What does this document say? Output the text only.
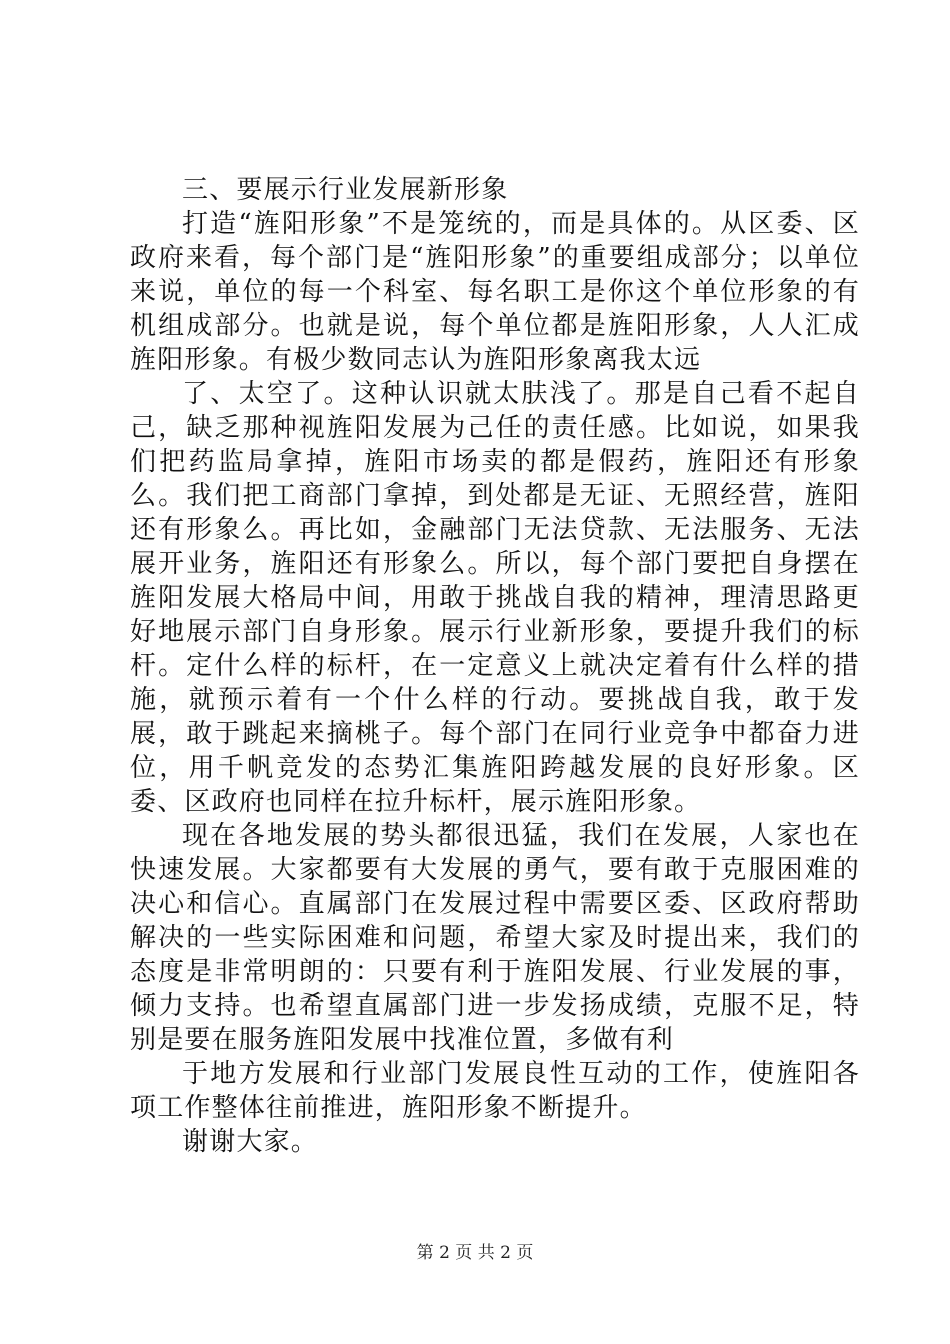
三、要展示行业发展新形象

打造“旌阳形象”不是笼统的，而是具体的。从区委、区政府来看，每个部门是“旌阳形象”的重要组成部分；以单位来说，单位的每一个科室、每名职工是你这个单位形象的有机组成部分。也就是说，每个单位都是旌阳形象，人人汇成旌阳形象。有极少数同志认为旌阳形象离我太远

了、太空了。这种认识就太肤浅了。那是自己看不起自己，缺乏那种视旌阳发展为己任的责任感。比如说，如果我们把药监局拿掉，旌阳市场卖的都是假药，旌阳还有形象么。我们把工商部门拿掉，到处都是无证、无照经营，旌阳还有形象么。再比如，金融部门无法贷款、无法服务、无法展开业务，旌阳还有形象么。所以，每个部门要把自身摆在旌阳发展大格局中间，用敢于挑战自我的精神，理清思路更好地展示部门自身形象。展示行业新形象，要提升我们的标杆。定什么样的标杆，在一定意义上就决定着有什么样的措施，就预示着有一个什么样的行动。要挑战自我，敢于发展，敢于跳起来摘桃子。每个部门在同行业竞争中都奋力进位，用千帆竞发的态势汇集旌阳跨越发展的良好形象。区委、区政府也同样在拉升标杆，展示旌阳形象。

现在各地发展的势头都很迅猛，我们在发展，人家也在快速发展。大家都要有大发展的勇气，要有敢于克服困难的决心和信心。直属部门在发展过程中需要区委、区政府帮助解决的一些实际困难和问题，希望大家及时提出来，我们的态度是非常明朗的：只要有利于旌阳发展、行业发展的事，倾力支持。也希望直属部门进一步发扬成绩，克服不足，特别是要在服务旌阳发展中找准位置，多做有利

于地方发展和行业部门发展良性互动的工作，使旌阳各项工作整体往前推进，旌阳形象不断提升。

谢谢大家。

第 2 页 共 2 页
